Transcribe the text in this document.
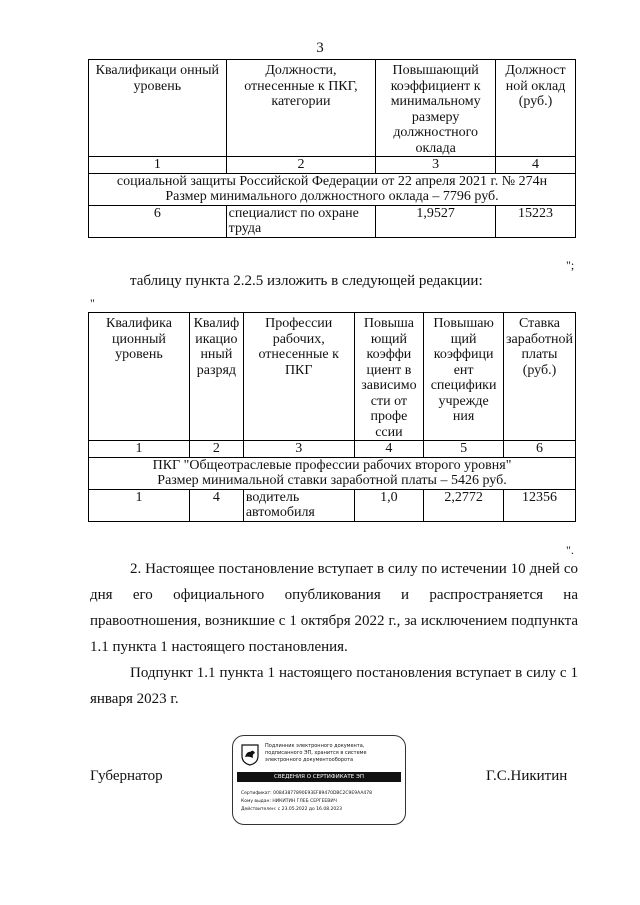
3
Квалификаци онный уровень	Должности, отнесенные к ПКГ, категории	Повышающий коэффициент к минимальному размеру должностного оклада	Должност ной оклад (руб.)
1	2	3	4

социальной защиты Российской Федерации от 22 апреля 2021 г. № 274н
Размер минимального должностного оклада – 7796 руб.			

6	специалист по охране труда	1,9527	15223
";
таблицу пункта 2.2.5 изложить в следующей редакции:
"
Квалифика ционный уровень	Квалиф икацио нный разряд	Профессии рабочих, отнесенные к ПКГ	Повыша ющий коэффи циент в зависимо сти от профе ссии	Повышаю щий коэффици ент специфики учрежде ния	Ставка заработной платы (руб.)
1	2	3	4	5	6

ПКГ "Общеотраслевые профессии рабочих второго уровня"
Размер минимальной ставки заработной платы – 5426 руб.					

1	4	водитель автомобиля	1,0	2,2772	12356
".
2. Настоящее постановление вступает в силу по истечении 10 дней со дня его официального опубликования и распространяется на правоотношения, возникшие с 1 октября 2022 г., за исключением подпункта 1.1 пункта 1 настоящего постановления.
Подпункт 1.1 пункта 1 настоящего постановления вступает в силу с 1 января 2023 г.
Губернатор	Г.С.Никитин
Подлинник электронного документа, подписанного ЭП, хранится в системе электронного документооборота
СВЕДЕНИЯ О СЕРТИФИКАТЕ ЭП
Сертификат: 00843877890E93EF89470DBC2C9E9AA478
Кому выдан: НИКИТИН ГЛЕБ СЕРГЕЕВИЧ
Действителен: с 23.05.2022 до 16.08.2023
